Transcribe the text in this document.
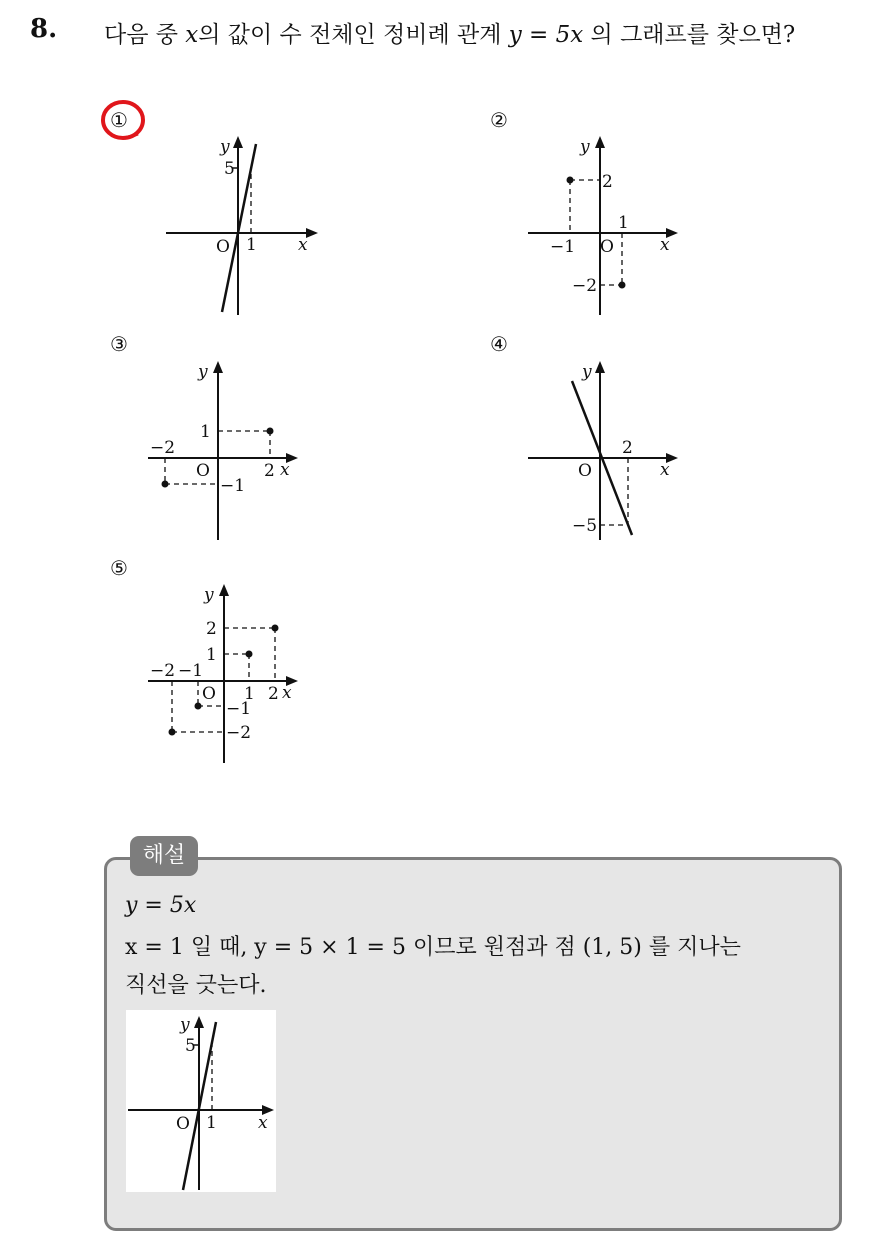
8. 다음 중 x의 값이 수 전체인 정비례 관계 y = 5x 의 그래프를 찾으면?
①
y
5
O 1 x
②
y
2
−1 O
1
x
−2
③
y
1
−2
O	2 x
−1
④
y
2
O	x
−5
⑤
y
2
1
−2 −1
O 1 2 x
−1
−2
해설
y = 5x
x = 1 일 때, y = 5 × 1 = 5 이므로 원점과 점 (1, 5) 를 지나는
직선을 긋는다.
y
5
O 1 x
